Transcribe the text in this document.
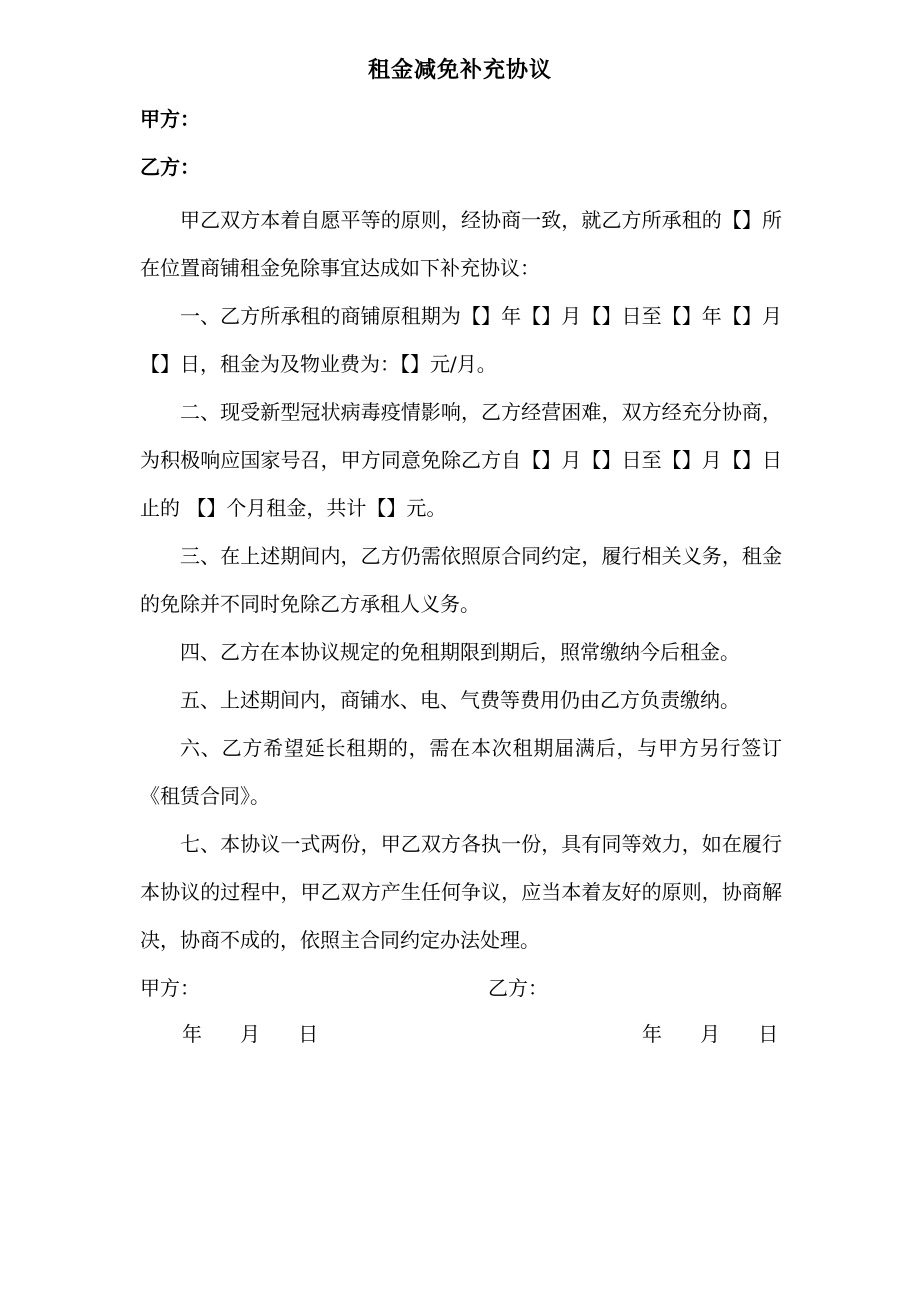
租金减免补充协议
甲方：
乙方：

甲乙双方本着自愿平等的原则，经协商一致，就乙方所承租的【】所在位置商铺租金免除事宜达成如下补充协议：

一、乙方所承租的商铺原租期为【】年【】月【】日至【】年【】月【】日，租金为及物业费为：【】元/月。

二、现受新型冠状病毒疫情影响，乙方经营困难，双方经充分协商，为积极响应国家号召，甲方同意免除乙方自【】月【】日至【】月【】日止的 【】个月租金，共计【】元。

三、在上述期间内，乙方仍需依照原合同约定，履行相关义务，租金的免除并不同时免除乙方承租人义务。

四、乙方在本协议规定的免租期限到期后，照常缴纳今后租金。

五、上述期间内，商铺水、电、气费等费用仍由乙方负责缴纳。

六、乙方希望延长租期的，需在本次租期届满后，与甲方另行签订《租赁合同》。

七、本协议一式两份，甲乙双方各执一份，具有同等效力，如在履行本协议的过程中，甲乙双方产生任何争议，应当本着友好的原则，协商解决，协商不成的，依照主合同约定办法处理。

甲方：	乙方：
年      月      日	年      月      日
